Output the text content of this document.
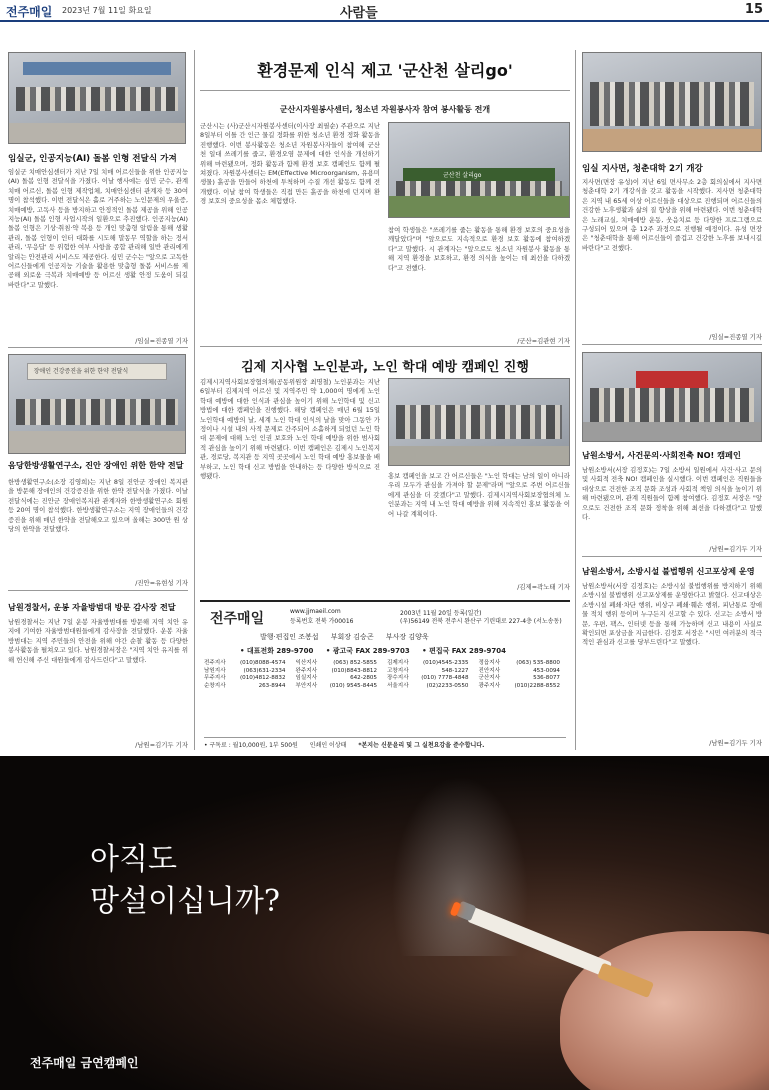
전주매일 2023년 7월 11일 화요일	사람들	15
임실군, 인공지능(AI) 돌봄 인형 전달식 가져
임실군 치매안심센터가 지난 7일 치매 어르신들을 위한 인공지능(AI) 돌봄 인형 전달식을 가졌다. 이날 행사에는 심민 군수, 관계 치매 어르신, 돌봄 인형 제작업체, 치매안심센터 관계자 등 30여 명이 참석했다. 이번 전달식은 홀로 거주하는 노인문제의 우울증, 치매예방, 고독사 등을 방지하고 안정적인 돌봄 제공을 위해 인공지능(AI) 돌봄 인형 사업시작의 일환으로 추진했다. 인공지능(AI) 돌봄 인형은 기상·취침·약 복용 등 개인 맞춤형 알림을 통해 생활관리, 돌봄 인형이 인터 대화를 시도해 말동무 역할을 하는 정서관리, '무응답' 등 위험한 여부 사항을 종합 관리해 일반 관리에게 알리는 안전관리 서비스도 제공한다. 심민 군수는 "앞으로 고독한 어르신들에게 인공지능 기술을 활용한 맞춤형 돌봄 서비스를 제공해 외로움 극복과 치매예방 등 어르신 생활 안정 도움이 되길 바란다"고 말했다.
/임실=진종열 기자
장애인 건강증진을 위한 한약 전달식
음당한방생활연구소, 진안 장애인 위한 한약 전달
한방생활연구소(소장 김영희)는 지난 8일 진안군 장애인 복지관을 방문해 장애인의 건강증진을 위한 한약 전달식을 가졌다. 이날 전달식에는 진안군 장애인복지관 관계자와 한방생활연구소 회원 등 20여 명이 참석했다. 한방생활연구소는 지역 장애인들의 건강 증진을 위해 매년 한약을 전달해오고 있으며 올해는 300만 원 상당의 한약을 전달했다.
/진안=유현성 기자
남원경찰서, 운봉 자율방범대 방문 감사장 전달
남원경찰서는 지난 7일 운봉 자율방범대를 방문해 지역 치안 유지에 기여한 자율방범대원들에게 감사장을 전달했다. 운봉 자율방범대는 지역 주민들의 안전을 위해 야간 순찰 활동 등 다양한 봉사활동을 펼쳐오고 있다. 남원경찰서장은 "지역 치안 유지를 위해 헌신해 주신 대원들에게 감사드린다"고 말했다.
/남원=김기두 기자
환경문제 인식 제고 '군산천 살리go'
군산시자원봉사센터, 청소년 자원봉사자 참여 봉사활동 전개
군산시는 (사)군산시자원봉사센터(이사장 최필순) 주관으로 지난 8일부터 이틀 간 인근 물길 정화를 위한 청소년 환경 정화 활동을 진행했다. 이번 봉사활동은 청소년 자원봉사자들이 참여해 군산천 일대 쓰레기를 줍고, 환경오염 문제에 대한 인식을 개선하기 위해 마련됐으며, 정화 활동과 함께 환경 보호 캠페인도 함께 펼쳐졌다. 자원봉사센터는 EM(Effective Microorganism, 유용미생물) 흙공을 만들어 하천에 투척하며 수질 개선 활동도 함께 전개했다. 이날 참여 학생들은 직접 만든 흙공을 하천에 던지며 환경 보호의 중요성을 몸소 체험했다.
군산천 살리go
참여 학생들은 "쓰레기를 줍는 활동을 통해 환경 보호의 중요성을 깨달았다"며 "앞으로도 지속적으로 환경 보호 활동에 참여하겠다"고 말했다. 시 관계자는 "앞으로도 청소년 자원봉사 활동을 통해 지역 환경을 보호하고, 환경 의식을 높이는 데 최선을 다하겠다"고 전했다.
/군산=김관현 기자
김제 지사협 노인분과, 노인 학대 예방 캠페인 진행
김제시지역사회보장협의체(공동위원장 최명철) 노인분과는 지난 6일부터 김제지역 어르신 및 지역주민 약 1,000여 명에게 노인 학대 예방에 대한 인식과 관심을 높이기 위해 노인학대 및 신고 방법에 대한 캠페인을 진행했다. 해당 캠페인은 매년 6월 15일 노인학대 예방의 날, 세계 노인 학대 인식의 날을 맞아 그동안 가정이나 시설 내의 사적 문제로 간주되어 소홀하게 되었던 노인 학대 문제에 대해 노인 인권 보호와 노인 학대 예방을 위한 범사회적 관심을 높이기 위해 마련됐다. 이번 캠페인은 김제시 노인복지관, 경로당, 복지관 등 지역 곳곳에서 노인 학대 예방 홍보물을 배부하고, 노인 학대 신고 방법을 안내하는 등 다양한 방식으로 진행됐다.	홍보 캠페인을 보고 간 어르신들은 "노인 학대는 남의 일이 아니라 우리 모두가 관심을 가져야 할 문제"라며 "앞으로 주변 어르신들에게 관심을 더 갖겠다"고 말했다. 김제시지역사회보장협의체 노인분과는 지역 내 노인 학대 예방을 위해 지속적인 홍보 활동을 이어 나갈 계획이다.
/김제=곽노태 기자
전주매일	www.jjmaeil.com
등록번호 전북 가00016
2003년 11월 20일 등록(일간)
(우)56149 전북 전주시 완산구 기린대로 227-4층 (서노송동)
발행·편집인 조봉섭 부회장 김승곤 부사장 김양욱
• 대표전화 289-9700 • 광고국 FAX 289-9703 • 편집국 FAX 289-9704
전주지사	(010)8088-4574 익산지사	(063) 852-5855 김제지사	(010)4545-2335 정읍지사	(063) 535-8800
남원지사	(063)631-2334 완주지사	(010)8843-8812 고창지사	548-1227 진안지사	453-0094
무주지사	(010)4812-8832 임실지사	642-2805 장수지사 (010) 7778-4848 군산지사	536-8077
순창지사	263-8944 부안지사 (010) 9545-8445 서울지사	(02)2233-0550 광주지사	(010)2288-8552
• 구독료 : 월10,000원, 1부 500원 인쇄인 이상태 *본지는 신문윤리 및 그 실천요강을 준수합니다.
임실 지사면, 청춘대학 2기 개강
지사면(면장 유성)이 지난 6일 면사무소 2층 회의실에서 지사면 청춘대학 2기 개강식을 갖고 활동을 시작했다. 지사면 청춘대학은 지역 내 65세 이상 어르신들을 대상으로 진행되며 어르신들의 건강한 노후생활과 삶의 질 향상을 위해 마련됐다. 이번 청춘대학은 노래교실, 치매예방 운동, 웃음치료 등 다양한 프로그램으로 구성되어 있으며 총 12주 과정으로 진행될 예정이다. 유성 면장은 "청춘대학을 통해 어르신들이 즐겁고 건강한 노후를 보내시길 바란다"고 전했다.
/임실=진종열 기자
남원소방서, 사건문의·사회전축 NO! 캠페인
남원소방서(서장 김정호)는 7일 소방서 일원에서 사건·사고 문의 및 사회적 전축 NO! 캠페인을 실시했다. 이번 캠페인은 직원들을 대상으로 건전한 조직 문화 조성과 사회적 책임 의식을 높이기 위해 마련됐으며, 관계 직원들이 함께 참여했다. 김정호 서장은 "앞으로도 건전한 조직 문화 정착을 위해 최선을 다하겠다"고 말했다.
/남원=김기두 기자
남원소방서, 소방시설 불법행위 신고포상제 운영
남원소방서(서장 김정호)는 소방시설 불법행위를 방지하기 위해 소방시설 불법행위 신고포상제를 운영한다고 밝혔다. 신고대상은 소방시설 폐쇄·차단 행위, 비상구 폐쇄·훼손 행위, 피난통로 장애물 적치 행위 등이며 누구든지 신고할 수 있다. 신고는 소방서 방문, 우편, 팩스, 인터넷 등을 통해 가능하며 신고 내용이 사실로 확인되면 포상금을 지급한다. 김정호 서장은 "시민 여러분의 적극적인 관심과 신고를 당부드린다"고 말했다.
/남원=김기두 기자
아직도
망설이십니까?
전주매일 금연캠페인
